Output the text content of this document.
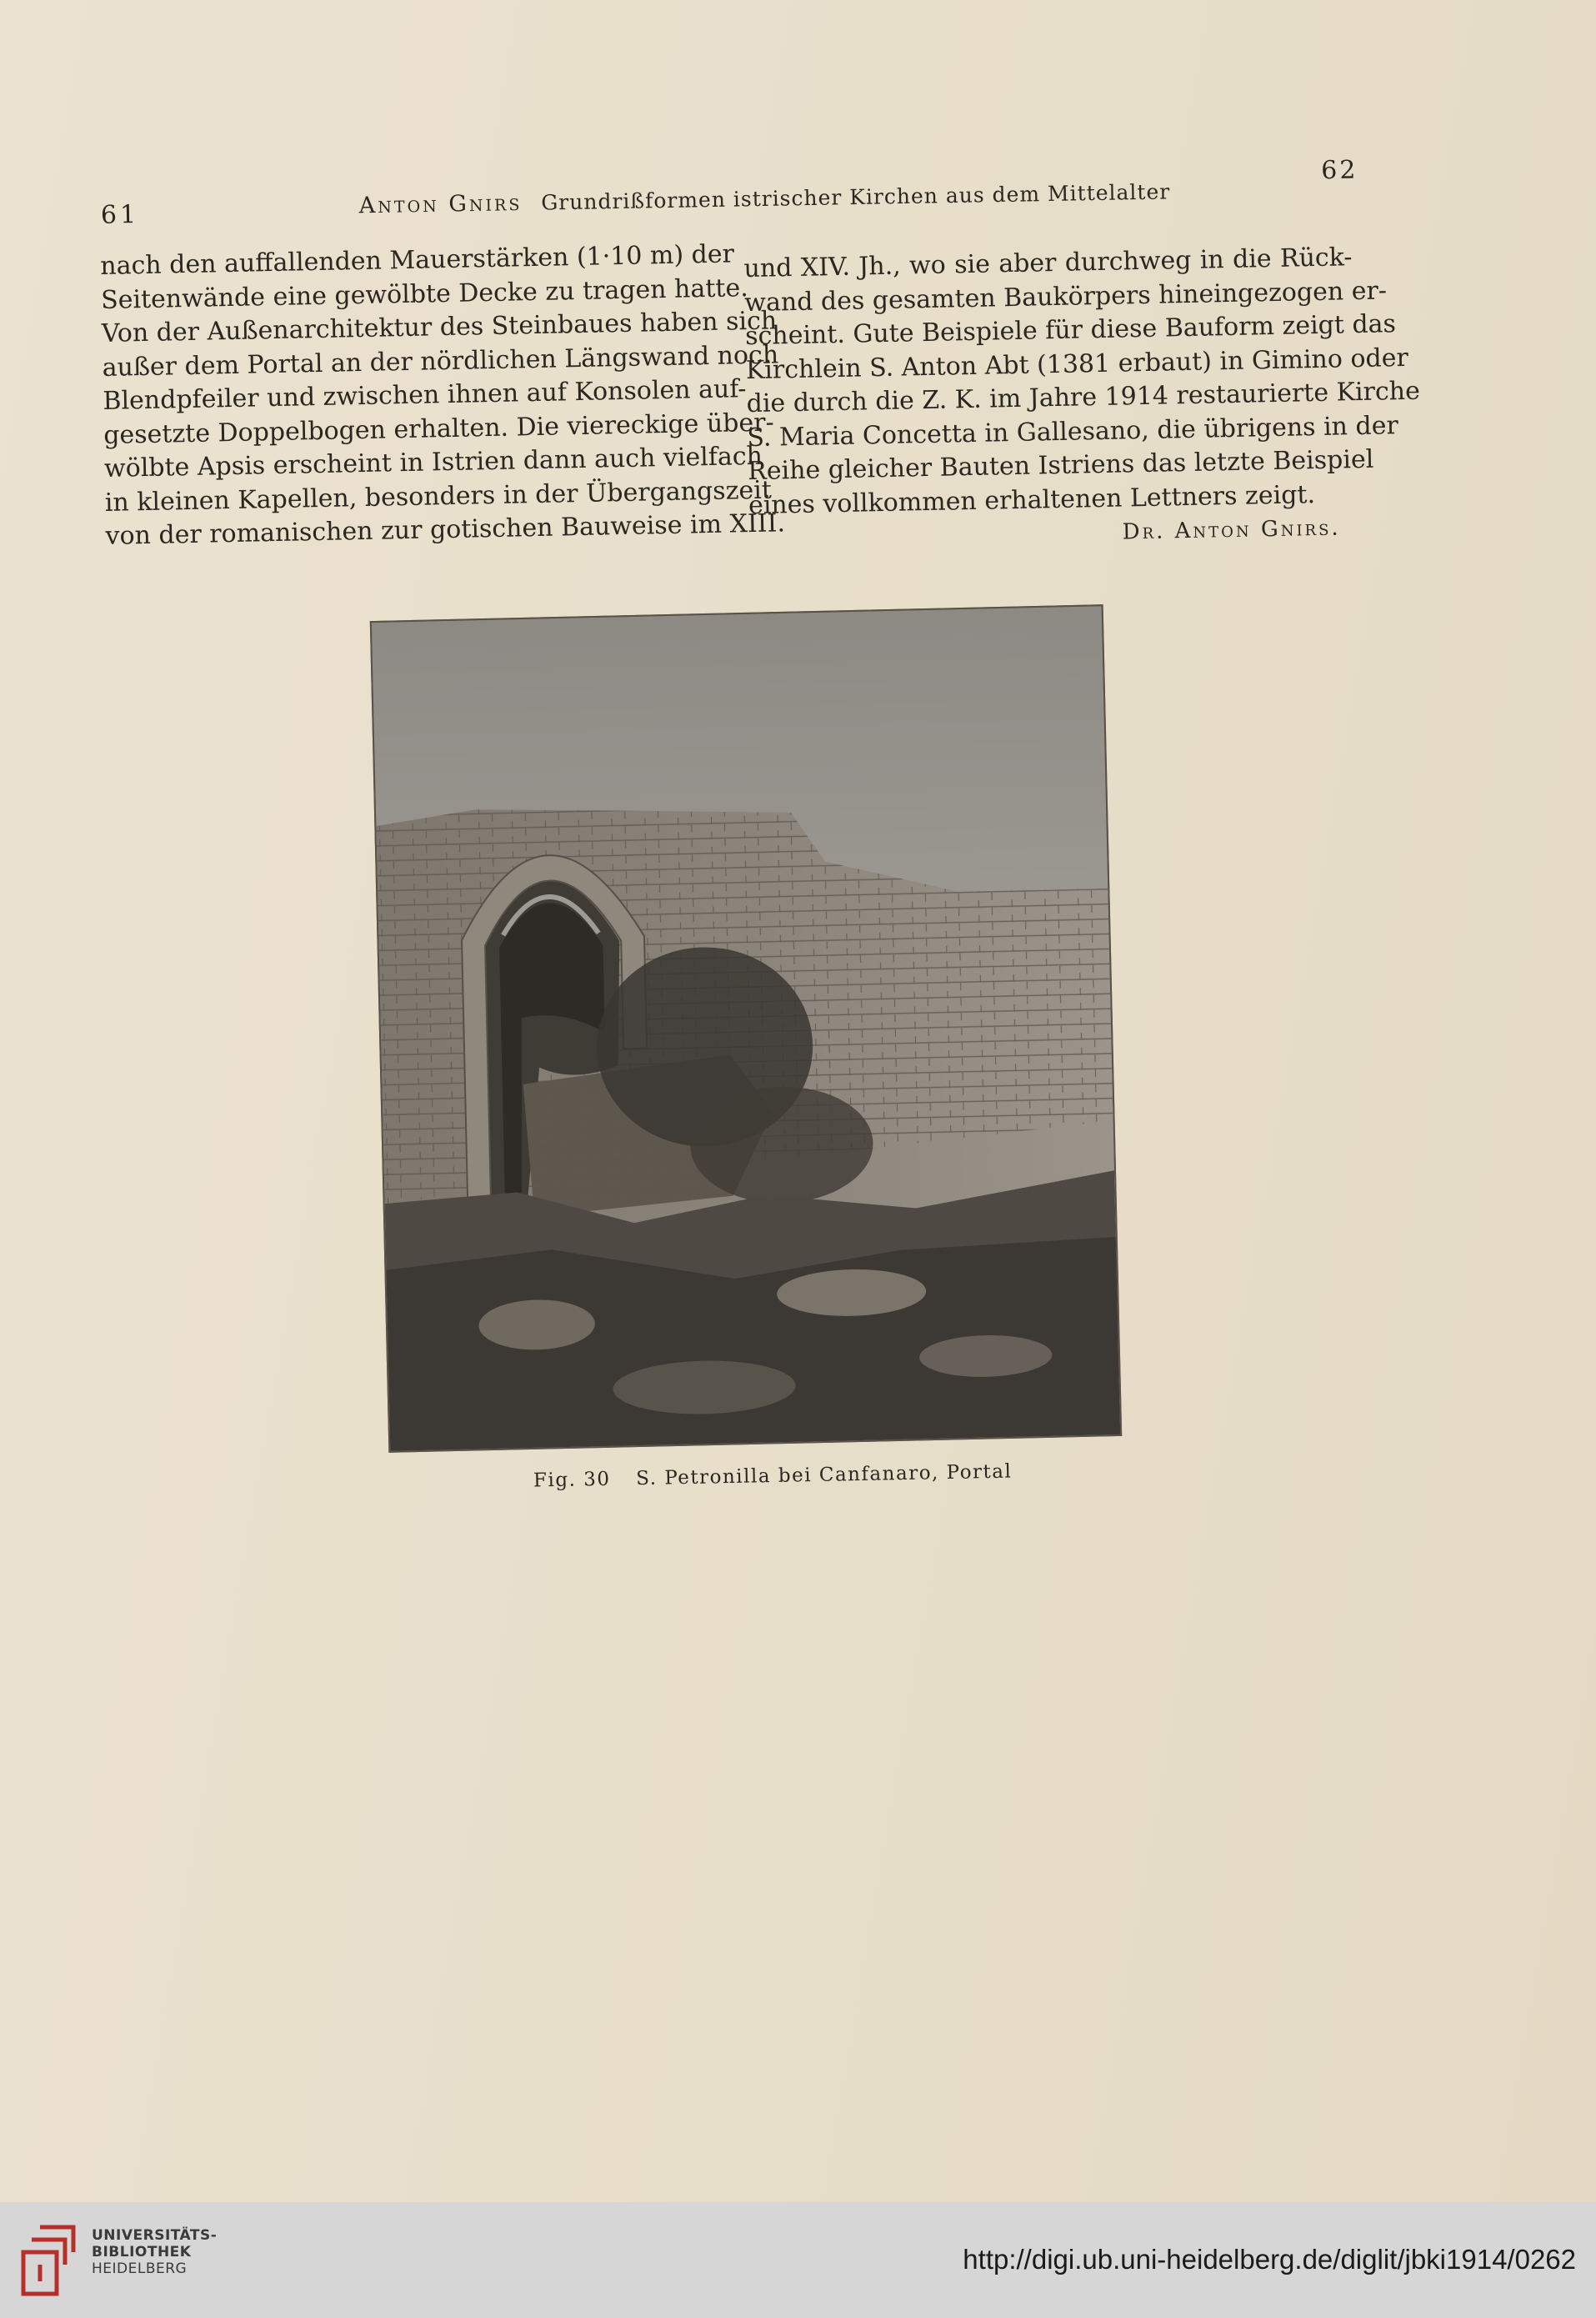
61	Anton Gnirs Grundrißformen istrischer Kirchen aus dem Mittelalter
62
nach den auffallenden Mauerstärken (1·10 m) der
Seitenwände eine gewölbte Decke zu tragen hatte.
Von der Außenarchitektur des Steinbaues haben sich
außer dem Portal an der nördlichen Längswand noch
Blendpfeiler und zwischen ihnen auf Konsolen auf-
gesetzte Doppelbogen erhalten. Die viereckige über-
wölbte Apsis erscheint in Istrien dann auch vielfach
in kleinen Kapellen, besonders in der Übergangszeit
von der romanischen zur gotischen Bauweise im XIII.
und XIV. Jh., wo sie aber durchweg in die Rück-
wand des gesamten Baukörpers hineingezogen er-
scheint. Gute Beispiele für diese Bauform zeigt das
Kirchlein S. Anton Abt (1381 erbaut) in Gimino oder
die durch die Z. K. im Jahre 1914 restaurierte Kirche
S. Maria Concetta in Gallesano, die übrigens in der
Reihe gleicher Bauten Istriens das letzte Beispiel
eines vollkommen erhaltenen Lettners zeigt.
Dr. Anton Gnirs.
Fig. 30 S. Petronilla bei Canfanaro, Portal
UNIVERSITÄTS-
BIBLIOTHEK
HEIDELBERG	http://digi.ub.uni-heidelberg.de/diglit/jbki1914/0262
